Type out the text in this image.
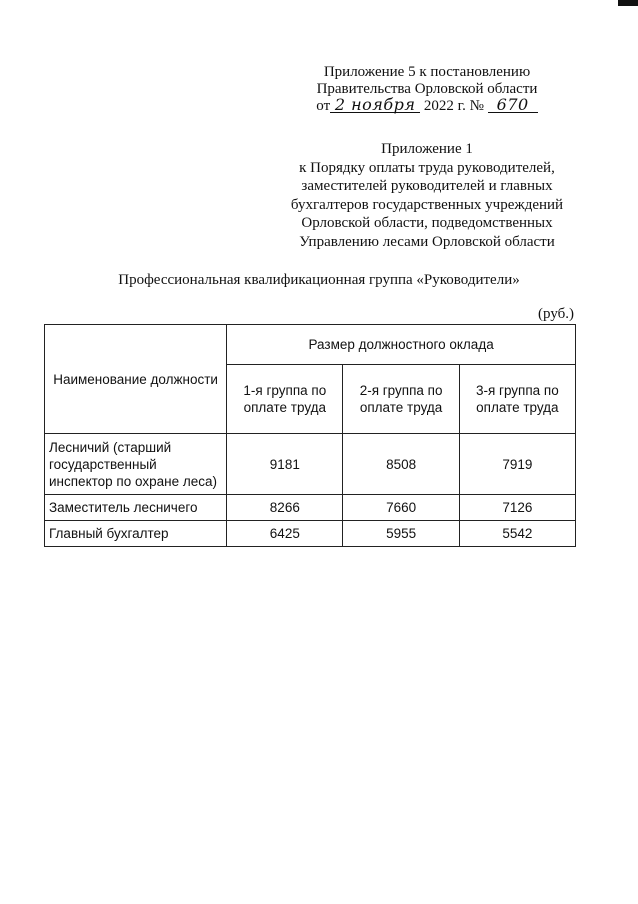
Приложение 5 к постановлению
Правительства Орловской области
от 2 ноября 2022 г. № 670
Приложение 1
к Порядку оплаты труда руководителей,
заместителей руководителей и главных
бухгалтеров государственных учреждений
Орловской области, подведомственных
Управлению лесами Орловской области
Профессиональная квалификационная группа «Руководители»
(руб.)
Наименование должности	Размер должностного оклада		
	1-я группа по оплате труда	2-я группа по оплате труда	3-я группа по оплате труда
Лесничий (старший государственный инспектор по охране леса)	9181	8508	7919
Заместитель лесничего	8266	7660	7126
Главный бухгалтер	6425	5955	5542
